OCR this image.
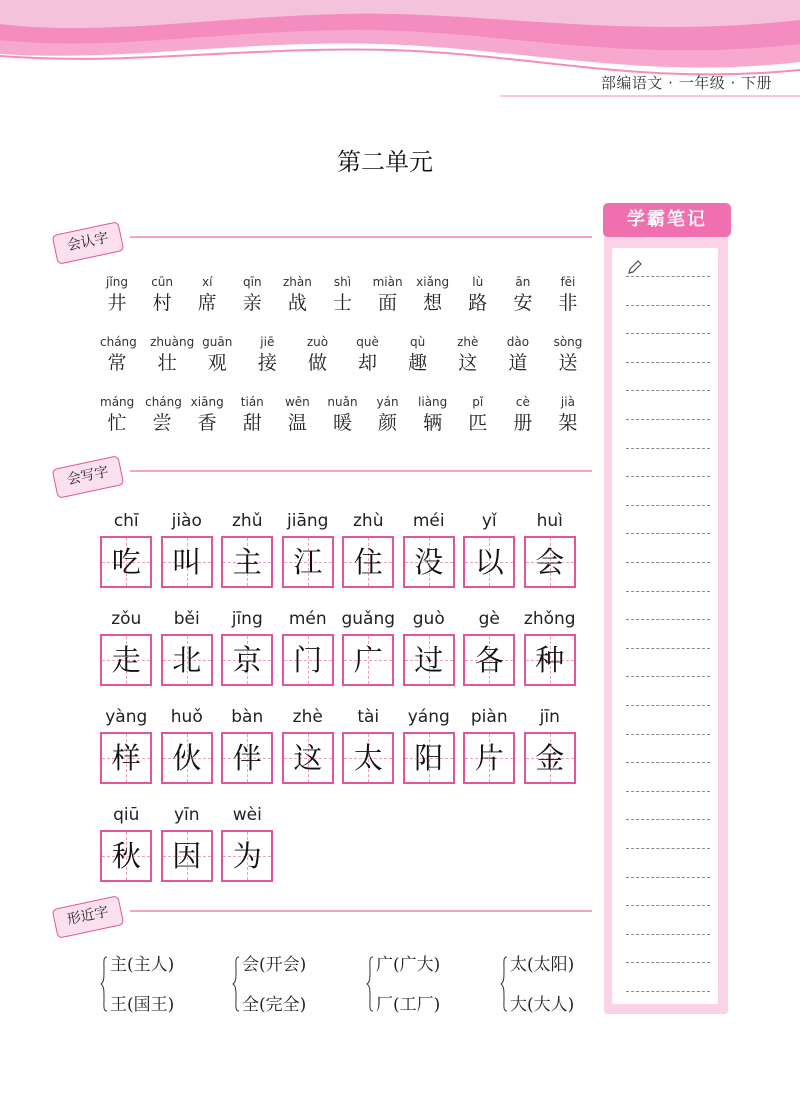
部编语文 · 一年级 · 下册
第二单元
会认字
jǐng
井
cūn
村
xí
席
qīn
亲
zhàn
战
shì
士
miàn
面
xiǎng
想
lù
路
ān
安
fēi
非
cháng
常
zhuàng
壮
guān
观
jiē
接
zuò
做
què
却
qù
趣
zhè
这
dào
道
sòng
送
máng
忙
cháng
尝
xiāng
香
tián
甜
wēn
温
nuǎn
暖
yán
颜
liàng
辆
pǐ
匹
cè
册
jià
架
会写字
chī
吃
jiào
叫
zhǔ
主
jiāng
江
zhù
住
méi
没
yǐ
以
huì
会
zǒu
走
běi
北
jīng
京
mén
门
guǎng
广
guò
过
gè
各
zhǒng
种
yàng
样
huǒ
伙
bàn
伴
zhè
这
tài
太
yáng
阳
piàn
片
jīn
金
qiū
秋
yīn
因
wèi
为
形近字
主(主人)
王(国王)
会(开会)
全(完全)
广(广大)
厂(工厂)
太(太阳)
大(大人)
学霸笔记
